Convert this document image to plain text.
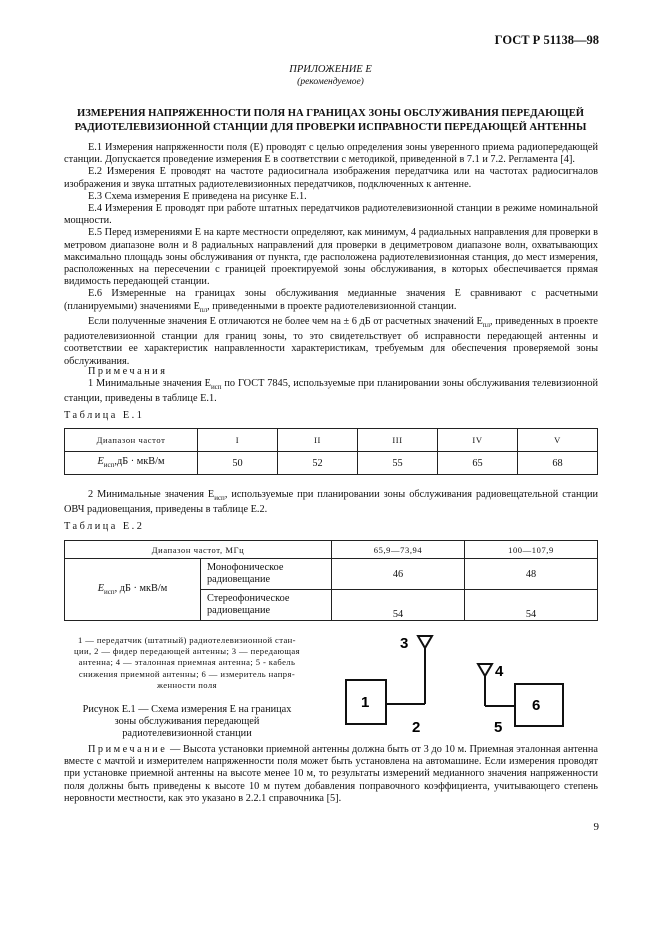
ГОСТ Р 51138—98
ПРИЛОЖЕНИЕ Е
(рекомендуемое)
ИЗМЕРЕНИЯ НАПРЯЖЕННОСТИ ПОЛЯ НА ГРАНИЦАХ ЗОНЫ ОБСЛУЖИВАНИЯ ПЕРЕДАЮЩЕЙ
РАДИОТЕЛЕВИЗИОННОЙ СТАНЦИИ ДЛЯ ПРОВЕРКИ ИСПРАВНОСТИ ПЕРЕДАЮЩЕЙ АНТЕННЫ

Е.1 Измерения напряженности поля (E) проводят с целью определения зоны уверенного приема радиопередающей станции. Допускается проведение измерения E в соответствии с методикой, приведенной в 7.1 и 7.2. Регламента [4].

Е.2 Измерения E проводят на частоте радиосигнала изображения передатчика или на частотах радиосигналов изображения и звука штатных радиотелевизионных передатчиков, подключенных к антенне.

Е.3 Схема измерения E приведена на рисунке Е.1.

Е.4 Измерения E проводят при работе штатных передатчиков радиотелевизионной станции в режиме номинальной мощности.

Е.5 Перед измерениями E на карте местности определяют, как минимум, 4 радиальных направления для проверки в метровом диапазоне волн и 8 радиальных направлений для проверки в дециметровом диапазоне волн, охватывающих максимально площадь зоны обслуживания от пункта, где расположена радиотелевизионная станция, до мест измерения, расположенных на пересечении с границей проектируемой зоны обслуживания, в которых обеспечивается прямая видимость передающей станции.

Е.6 Измеренные на границах зоны обслуживания медианные значения E сравнивают с расчетными (планируемыми) значениями $E_{пл}$, приведенными в проекте радиотелевизионной станции.

Если полученные значения E отличаются не более чем на ± 6 дБ от расчетных значений $E_{пл}$, приведенных в проекте радиотелевизионной станции для границ зоны, то это свидетельствует об исправности передающей антенны и соответствии ее характеристик направленности характеристикам, требуемым для обеспечения проверяемой зоны обслуживания.

Примечания

1 Минимальные значения $E_{исп}$ по ГОСТ 7845, используемые при планировании зоны обслуживания телевизионной станции, приведены в таблице Е.1.

Таблица Е.1
Диапазон частот	I	II	III	IV	V
$E_{исп},дБ \cdot мкВ/м$	50	52	55	65	68

2 Минимальные значения $E_{исп}$, используемые при планировании зоны обслуживания радиовещательной станции ОВЧ радиовещания, приведены в таблице Е.2.

Таблица Е.2
Диапазон частот, МГц		65,9—73,94	100—107,9
$E_{исп}$, дБ · мкВ/м	Монофоническое
радиовещание	46	48

	Стереофоническое
радиовещание	54	54
1 — передатчик (штатный) радиотелевизионной стан-
ции, 2 — фидер передающей антенны; 3 — передающая
антенна; 4 — эталонная приемная антенна; 5 - кабель
снижения приемной антенны; 6 — измеритель напря-
женности поля
Рисунок Е.1 — Схема измерения E на границах
зоны обслуживания передающей
радиотелевизионной станции
3
2
1
4
5
6

Примечание — Высота установки приемной антенны должна быть от 3 до 10 м. Приемная эталонная антенна вместе с мачтой и измерителем напряженности поля может быть установлена на автомашине. Если измерения проводят при установке приемной антенны на высоте менее 10 м, то результаты измерений медианного значения напряженности поля должны быть приведены к высоте 10 м путем добавления поправочного коэффициента, учитывающего степень неровности местности, как это указано в 2.2.1 справочника [5].

9
